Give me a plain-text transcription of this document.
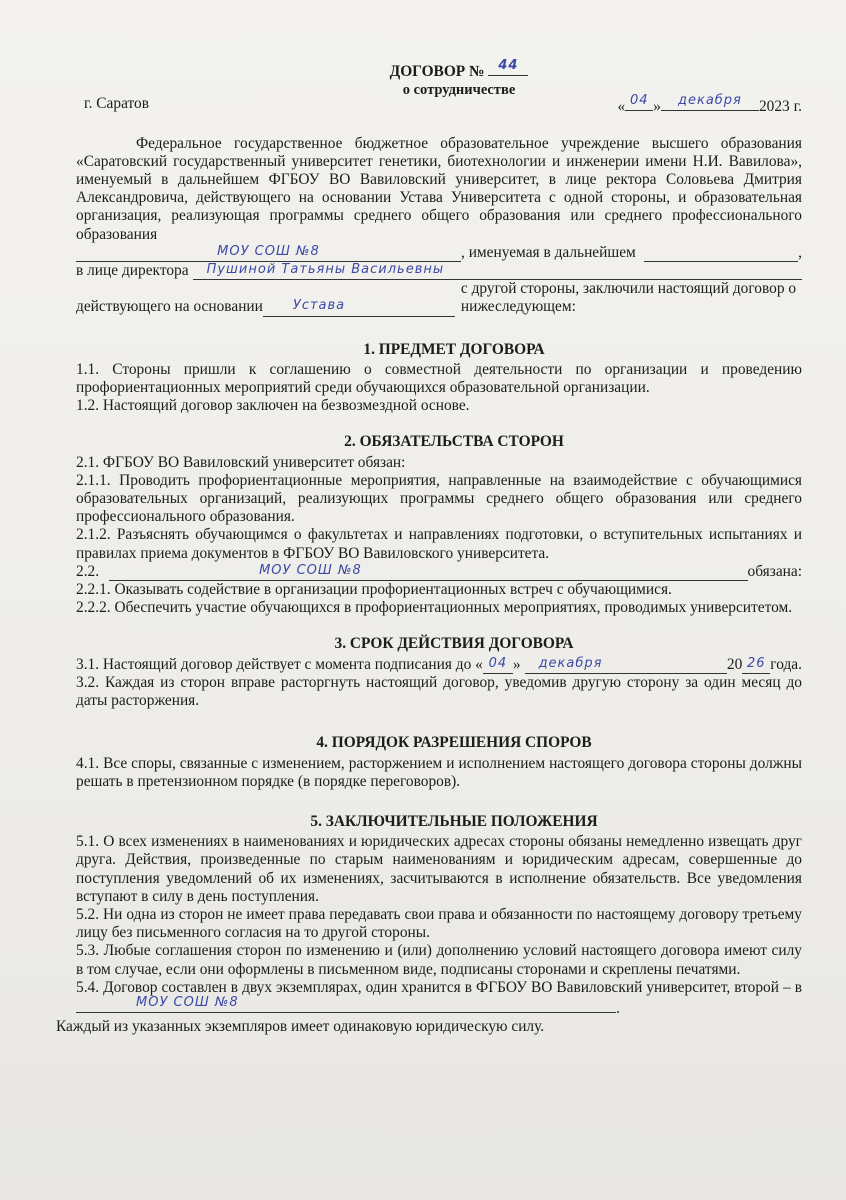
ДОГОВОР №	44
о сотрудничестве
г. Саратов	« 04 »	декабря	2023 г.

Федеральное государственное бюджетное образовательное учреждение высшего образования «Саратовский государственный университет генетики, биотехнологии и инженерии имени Н.И. Вавилова», именуемый в дальнейшем ФГБОУ ВО Вавиловский университет, в лице ректора Соловьева Дмитрия Александровича, действующего на основании Устава Университета с одной стороны, и образовательная организация, реализующая программы среднего общего образования или среднего профессионального образования

МОУ СОШ №8	, именуемая в дальнейшем	,
в лице директора	Пушиной Татьяны Васильевны
действующего на основании	Устава
с другой стороны, заключили настоящий договор о нижеследующем:
1. ПРЕДМЕТ ДОГОВОРА

1.1. Стороны пришли к соглашению о совместной деятельности по организации и проведению профориентационных мероприятий среди обучающихся образовательной организации.

1.2. Настоящий договор заключен на безвозмездной основе.

2. ОБЯЗАТЕЛЬСТВА СТОРОН

2.1. ФГБОУ ВО Вавиловский университет обязан:

2.1.1. Проводить профориентационные мероприятия, направленные на взаимодействие с обучающимися образовательных организаций, реализующих программы среднего общего образования или среднего профессионального образования.

2.1.2. Разъяснять обучающимся о факультетах и направлениях подготовки, о вступительных испытаниях и правилах приема документов в ФГБОУ ВО Вавиловского университета.

2.2.	МОУ СОШ №8	обязана:

2.2.1. Оказывать содействие в организации профориентационных встреч с обучающимися.

2.2.2. Обеспечить участие обучающихся в профориентационных мероприятиях, проводимых университетом.

3. СРОК ДЕЙСТВИЯ ДОГОВОРА
3.1. Настоящий договор действует с момента подписания до « 04 »	декабря	20 26 года.

3.2. Каждая из сторон вправе расторгнуть настоящий договор, уведомив другую сторону за один месяц до даты расторжения.

4. ПОРЯДОК РАЗРЕШЕНИЯ СПОРОВ

4.1. Все споры, связанные с изменением, расторжением и исполнением настоящего договора стороны должны решать в претензионном порядке (в порядке переговоров).

5. ЗАКЛЮЧИТЕЛЬНЫЕ ПОЛОЖЕНИЯ

5.1. О всех изменениях в наименованиях и юридических адресах стороны обязаны немедленно извещать друг друга. Действия, произведенные по старым наименованиям и юридическим адресам, совершенные до поступления уведомлений об их изменениях, засчитываются в исполнение обязательств. Все уведомления вступают в силу в день поступления.

5.2. Ни одна из сторон не имеет права передавать свои права и обязанности по настоящему договору третьему лицу без письменного согласия на то другой стороны.

5.3. Любые соглашения сторон по изменению и (или) дополнению условий настоящего договора имеют силу в том случае, если они оформлены в письменном виде, подписаны сторонами и скреплены печатями.

5.4. Договор составлен в двух экземплярах, один хранится в ФГБОУ ВО Вавиловский университет, второй – в
МОУ СОШ №8	.

Каждый из указанных экземпляров имеет одинаковую юридическую силу.
